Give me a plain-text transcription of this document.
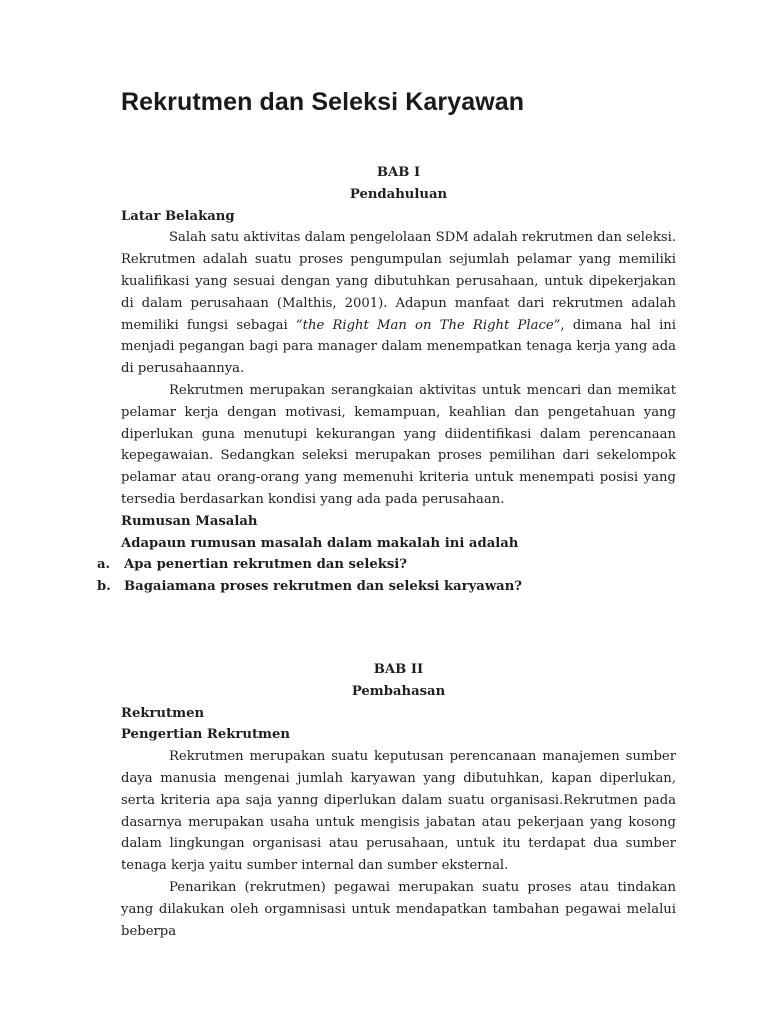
Rekrutmen dan Seleksi Karyawan
BAB I
Pendahuluan
Latar Belakang

Salah satu aktivitas dalam pengelolaan SDM adalah rekrutmen dan seleksi. Rekrutmen adalah suatu proses pengumpulan sejumlah pelamar yang memiliki kualifikasi yang sesuai dengan yang dibutuhkan perusahaan, untuk dipekerjakan di dalam perusahaan (Malthis, 2001). Adapun manfaat dari rekrutmen adalah memiliki fungsi sebagai “the Right Man on The Right Place”, dimana hal ini menjadi pegangan bagi para manager dalam menempatkan tenaga kerja yang ada di perusahaannya.

Rekrutmen merupakan serangkaian aktivitas untuk mencari dan memikat pelamar kerja dengan motivasi, kemampuan, keahlian dan pengetahuan yang diperlukan guna menutupi kekurangan yang diidentifikasi dalam perencanaan kepegawaian. Sedangkan seleksi merupakan proses pemilihan dari sekelompok pelamar atau orang-orang yang memenuhi kriteria untuk menempati posisi yang tersedia berdasarkan kondisi yang ada pada perusahaan.

Rumusan Masalah
Adapaun rumusan masalah dalam makalah ini adalah
a. Apa penertian rekrutmen dan seleksi?
b. Bagaiamana proses rekrutmen dan seleksi karyawan?
BAB II
Pembahasan
Rekrutmen
Pengertian Rekrutmen

Rekrutmen merupakan suatu keputusan perencanaan manajemen sumber daya manusia mengenai jumlah karyawan yang dibutuhkan, kapan diperlukan, serta kriteria apa saja yanng diperlukan dalam suatu organisasi.Rekrutmen pada dasarnya merupakan usaha untuk mengisis jabatan atau pekerjaan yang kosong dalam lingkungan organisasi atau perusahaan, untuk itu terdapat dua sumber tenaga kerja yaitu sumber internal dan sumber eksternal.

Penarikan (rekrutmen) pegawai merupakan suatu proses atau tindakan yang dilakukan oleh orgamnisasi untuk mendapatkan tambahan pegawai melalui beberpa
